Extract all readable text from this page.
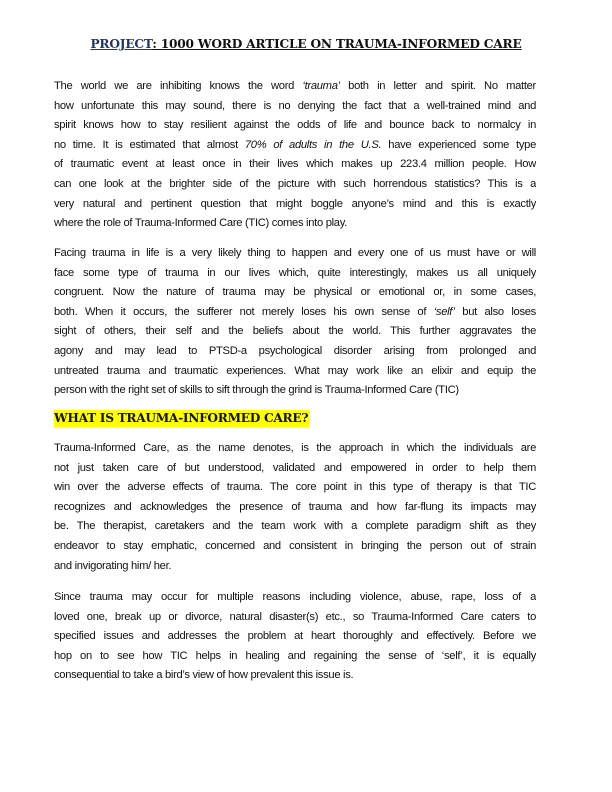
PROJECT: 1000 WORD ARTICLE ON TRAUMA-INFORMED CARE
The world we are inhibiting knows the word ‘trauma’ both in letter and spirit. No matter
how unfortunate this may sound, there is no denying the fact that a well-trained mind and
spirit knows how to stay resilient against the odds of life and bounce back to normalcy in
no time. It is estimated that almost 70% of adults in the U.S. have experienced some type
of traumatic event at least once in their lives which makes up 223.4 million people. How
can one look at the brighter side of the picture with such horrendous statistics? This is a
very natural and pertinent question that might boggle anyone’s mind and this is exactly
where the role of Trauma-Informed Care (TIC) comes into play.
Facing trauma in life is a very likely thing to happen and every one of us must have or will
face some type of trauma in our lives which, quite interestingly, makes us all uniquely
congruent. Now the nature of trauma may be physical or emotional or, in some cases,
both. When it occurs, the sufferer not merely loses his own sense of ‘self’ but also loses
sight of others, their self and the beliefs about the world. This further aggravates the
agony and may lead to PTSD-a psychological disorder arising from prolonged and
untreated trauma and traumatic experiences. What may work like an elixir and equip the
person with the right set of skills to sift through the grind is Trauma-Informed Care (TIC)
WHAT IS TRAUMA-INFORMED CARE?
Trauma-Informed Care, as the name denotes, is the approach in which the individuals are
not just taken care of but understood, validated and empowered in order to help them
win over the adverse effects of trauma. The core point in this type of therapy is that TIC
recognizes and acknowledges the presence of trauma and how far-flung its impacts may
be. The therapist, caretakers and the team work with a complete paradigm shift as they
endeavor to stay emphatic, concerned and consistent in bringing the person out of strain
and invigorating him/ her.
Since trauma may occur for multiple reasons including violence, abuse, rape, loss of a
loved one, break up or divorce, natural disaster(s) etc., so Trauma-Informed Care caters to
specified issues and addresses the problem at heart thoroughly and effectively. Before we
hop on to see how TIC helps in healing and regaining the sense of ‘self’, it is equally
consequential to take a bird’s view of how prevalent this issue is.
